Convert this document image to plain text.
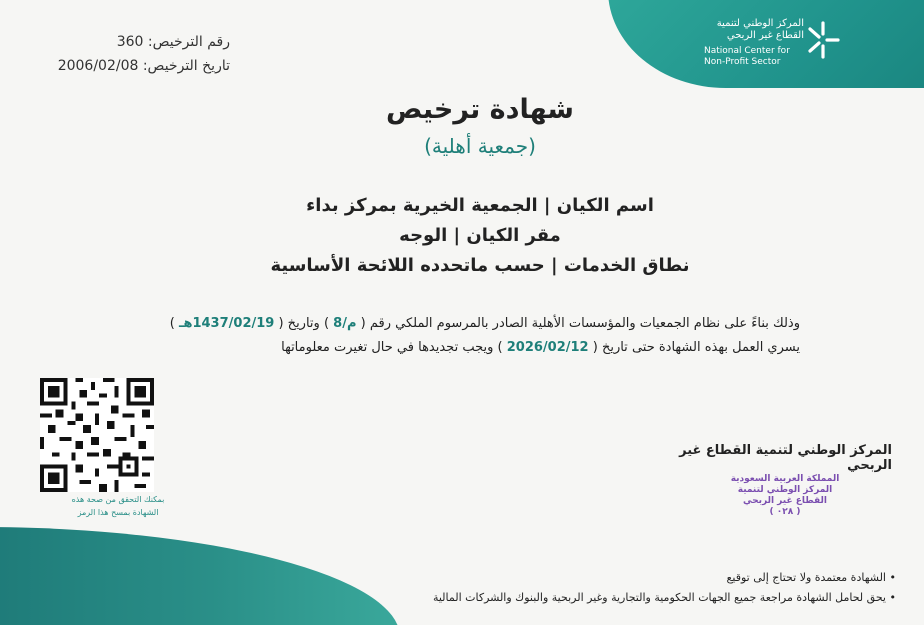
المركز الوطني لتنمية
القطاع غير الربحي
National Center for
Non-Profit Sector
رقم الترخيص: 360
تاريخ الترخيص: 2006/02/08
شهادة ترخيص
(جمعية أهلية)
اسم الكيان | الجمعية الخيرية بمركز بداء
مقر الكيان | الوجه
نطاق الخدمات | حسب ماتحدده اللائحة الأساسية
وذلك بناءً على نظام الجمعيات والمؤسسات الأهلية الصادر بالمرسوم الملكي رقم ( م/8 ) وتاريخ ( 1437/02/19هـ )
يسري العمل بهذه الشهادة حتى تاريخ ( 2026/02/12 ) ويجب تجديدها في حال تغيرت معلوماتها
بمكنك التحقق من صحة هذه
الشهادة بمسح هذا الرمز
المركز الوطني لتنمية القطاع غير الربحي
المملكة العربية السعودية
المركز الوطني لتنمية
القطاع غير الربحي
( ٠٢٨ )
• الشهادة معتمدة ولا تحتاج إلى توقيع
• يحق لحامل الشهادة مراجعة جميع الجهات الحكومية والتجارية وغير الربحية والبنوك والشركات المالية
